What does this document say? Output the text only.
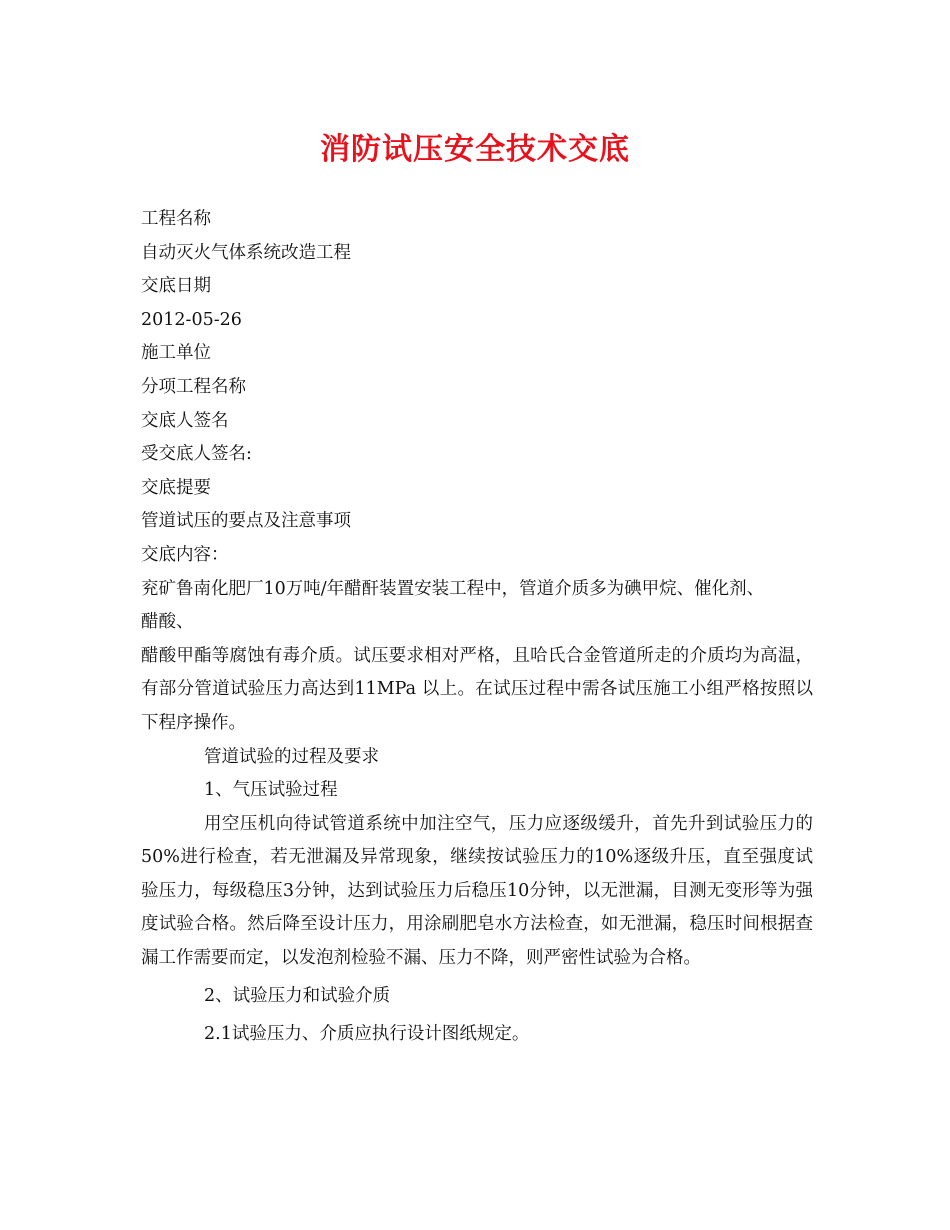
消防试压安全技术交底
工程名称
自动灭火气体系统改造工程
交底日期
2012-05-26
施工单位
分项工程名称
交底人签名
受交底人签名:
交底提要
管道试压的要点及注意事项
交底内容：
兖矿鲁南化肥厂10万吨/年醋酐装置安装工程中，管道介质多为碘甲烷、催化剂、
醋酸、
醋酸甲酯等腐蚀有毒介质。试压要求相对严格，且哈氏合金管道所走的介质均为高温，有部分管道试验压力高达到11MPa 以上。在试压过程中需各试压施工小组严格按照以下程序操作。
管道试验的过程及要求
1、气压试验过程
用空压机向待试管道系统中加注空气，压力应逐级缓升，首先升到试验压力的50%进行检查，若无泄漏及异常现象，继续按试验压力的10%逐级升压，直至强度试验压力，每级稳压3分钟，达到试验压力后稳压10分钟，以无泄漏，目测无变形等为强度试验合格。然后降至设计压力，用涂刷肥皂水方法检查，如无泄漏，稳压时间根据查漏工作需要而定，以发泡剂检验不漏、压力不降，则严密性试验为合格。
2、试验压力和试验介质
2.1试验压力、介质应执行设计图纸规定。
